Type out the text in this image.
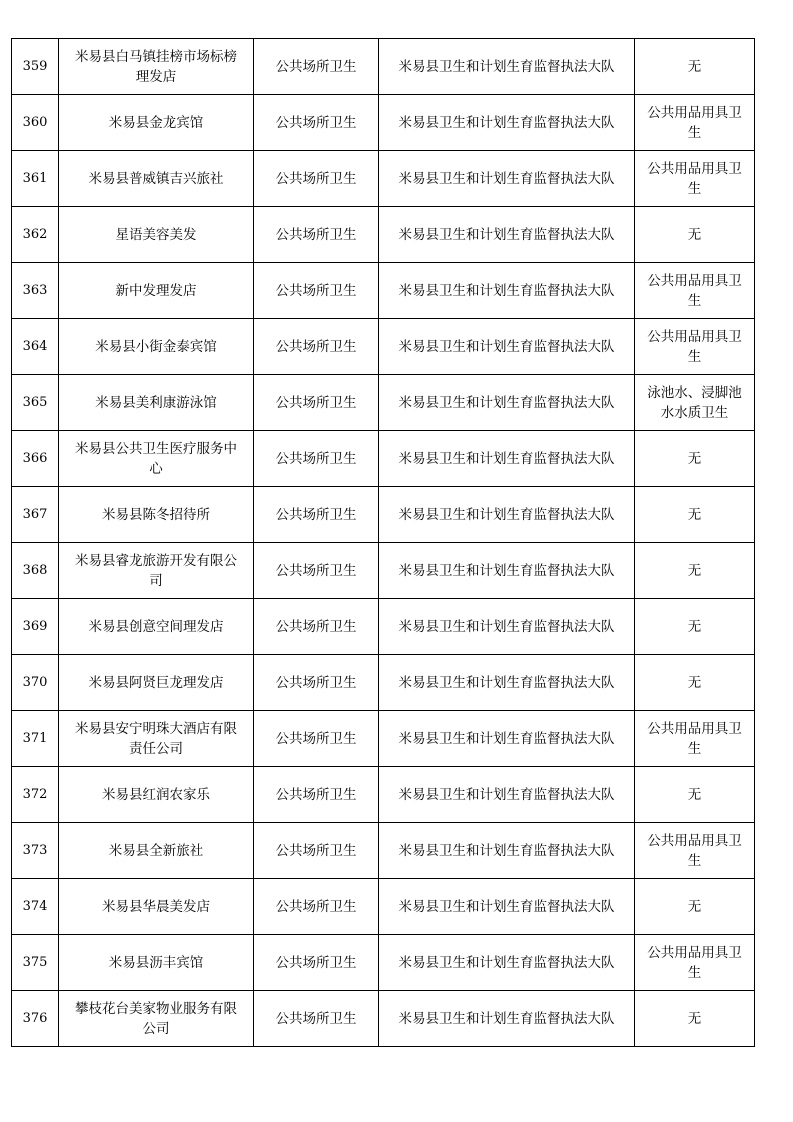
359	米易县白马镇挂榜市场标榜理发店	公共场所卫生	米易县卫生和计划生育监督执法大队	无
360	米易县金龙宾馆	公共场所卫生	米易县卫生和计划生育监督执法大队	公共用品用具卫生
361	米易县普威镇吉兴旅社	公共场所卫生	米易县卫生和计划生育监督执法大队	公共用品用具卫生
362	星语美容美发	公共场所卫生	米易县卫生和计划生育监督执法大队	无
363	新中发理发店	公共场所卫生	米易县卫生和计划生育监督执法大队	公共用品用具卫生
364	米易县小街金泰宾馆	公共场所卫生	米易县卫生和计划生育监督执法大队	公共用品用具卫生
365	米易县美利康游泳馆	公共场所卫生	米易县卫生和计划生育监督执法大队	泳池水、浸脚池水水质卫生
366	米易县公共卫生医疗服务中心	公共场所卫生	米易县卫生和计划生育监督执法大队	无
367	米易县陈冬招待所	公共场所卫生	米易县卫生和计划生育监督执法大队	无
368	米易县睿龙旅游开发有限公司	公共场所卫生	米易县卫生和计划生育监督执法大队	无
369	米易县创意空间理发店	公共场所卫生	米易县卫生和计划生育监督执法大队	无
370	米易县阿贤巨龙理发店	公共场所卫生	米易县卫生和计划生育监督执法大队	无
371	米易县安宁明珠大酒店有限责任公司	公共场所卫生	米易县卫生和计划生育监督执法大队	公共用品用具卫生
372	米易县红润农家乐	公共场所卫生	米易县卫生和计划生育监督执法大队	无
373	米易县全新旅社	公共场所卫生	米易县卫生和计划生育监督执法大队	公共用品用具卫生
374	米易县华晨美发店	公共场所卫生	米易县卫生和计划生育监督执法大队	无
375	米易县沥丰宾馆	公共场所卫生	米易县卫生和计划生育监督执法大队	公共用品用具卫生
376	攀枝花台美家物业服务有限公司	公共场所卫生	米易县卫生和计划生育监督执法大队	无
